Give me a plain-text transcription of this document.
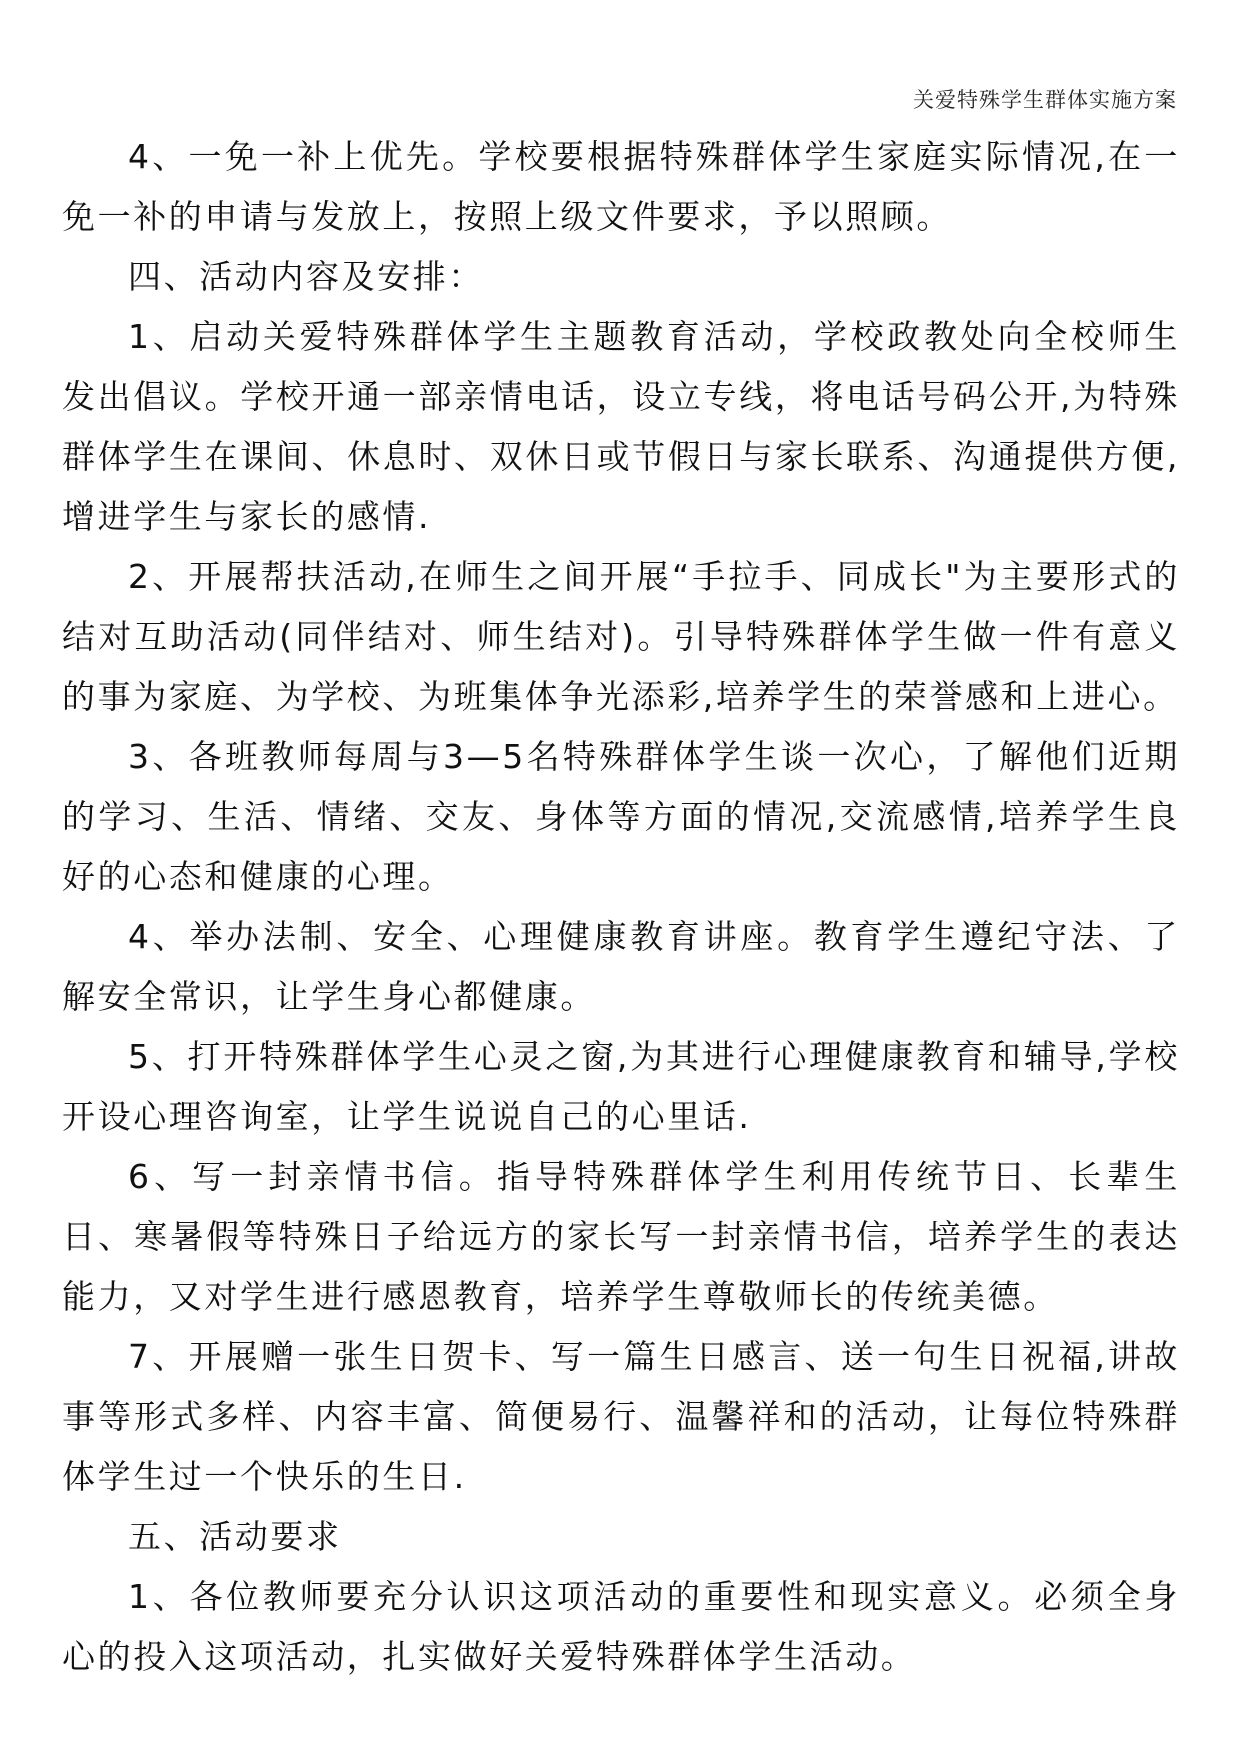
关爱特殊学生群体实施方案

4、一免一补上优先。学校要根据特殊群体学生家庭实际情况,在一免一补的申请与发放上，按照上级文件要求，予以照顾。

四、活动内容及安排：

1、启动关爱特殊群体学生主题教育活动，学校政教处向全校师生发出倡议。学校开通一部亲情电话，设立专线，将电话号码公开,为特殊群体学生在课间、休息时、双休日或节假日与家长联系、沟通提供方便,增进学生与家长的感情.

2、开展帮扶活动,在师生之间开展“手拉手、同成长"为主要形式的结对互助活动(同伴结对、师生结对)。引导特殊群体学生做一件有意义的事为家庭、为学校、为班集体争光添彩,培养学生的荣誉感和上进心。

3、各班教师每周与3—5名特殊群体学生谈一次心，了解他们近期的学习、生活、情绪、交友、身体等方面的情况,交流感情,培养学生良好的心态和健康的心理。

4、举办法制、安全、心理健康教育讲座。教育学生遵纪守法、了解安全常识，让学生身心都健康。

5、打开特殊群体学生心灵之窗,为其进行心理健康教育和辅导,学校开设心理咨询室，让学生说说自己的心里话.

6、写一封亲情书信。指导特殊群体学生利用传统节日、长辈生日、寒暑假等特殊日子给远方的家长写一封亲情书信，培养学生的表达能力，又对学生进行感恩教育，培养学生尊敬师长的传统美德。

7、开展赠一张生日贺卡、写一篇生日感言、送一句生日祝福,讲故事等形式多样、内容丰富、简便易行、温馨祥和的活动，让每位特殊群体学生过一个快乐的生日.

五、活动要求

1、各位教师要充分认识这项活动的重要性和现实意义。必须全身心的投入这项活动，扎实做好关爱特殊群体学生活动。
